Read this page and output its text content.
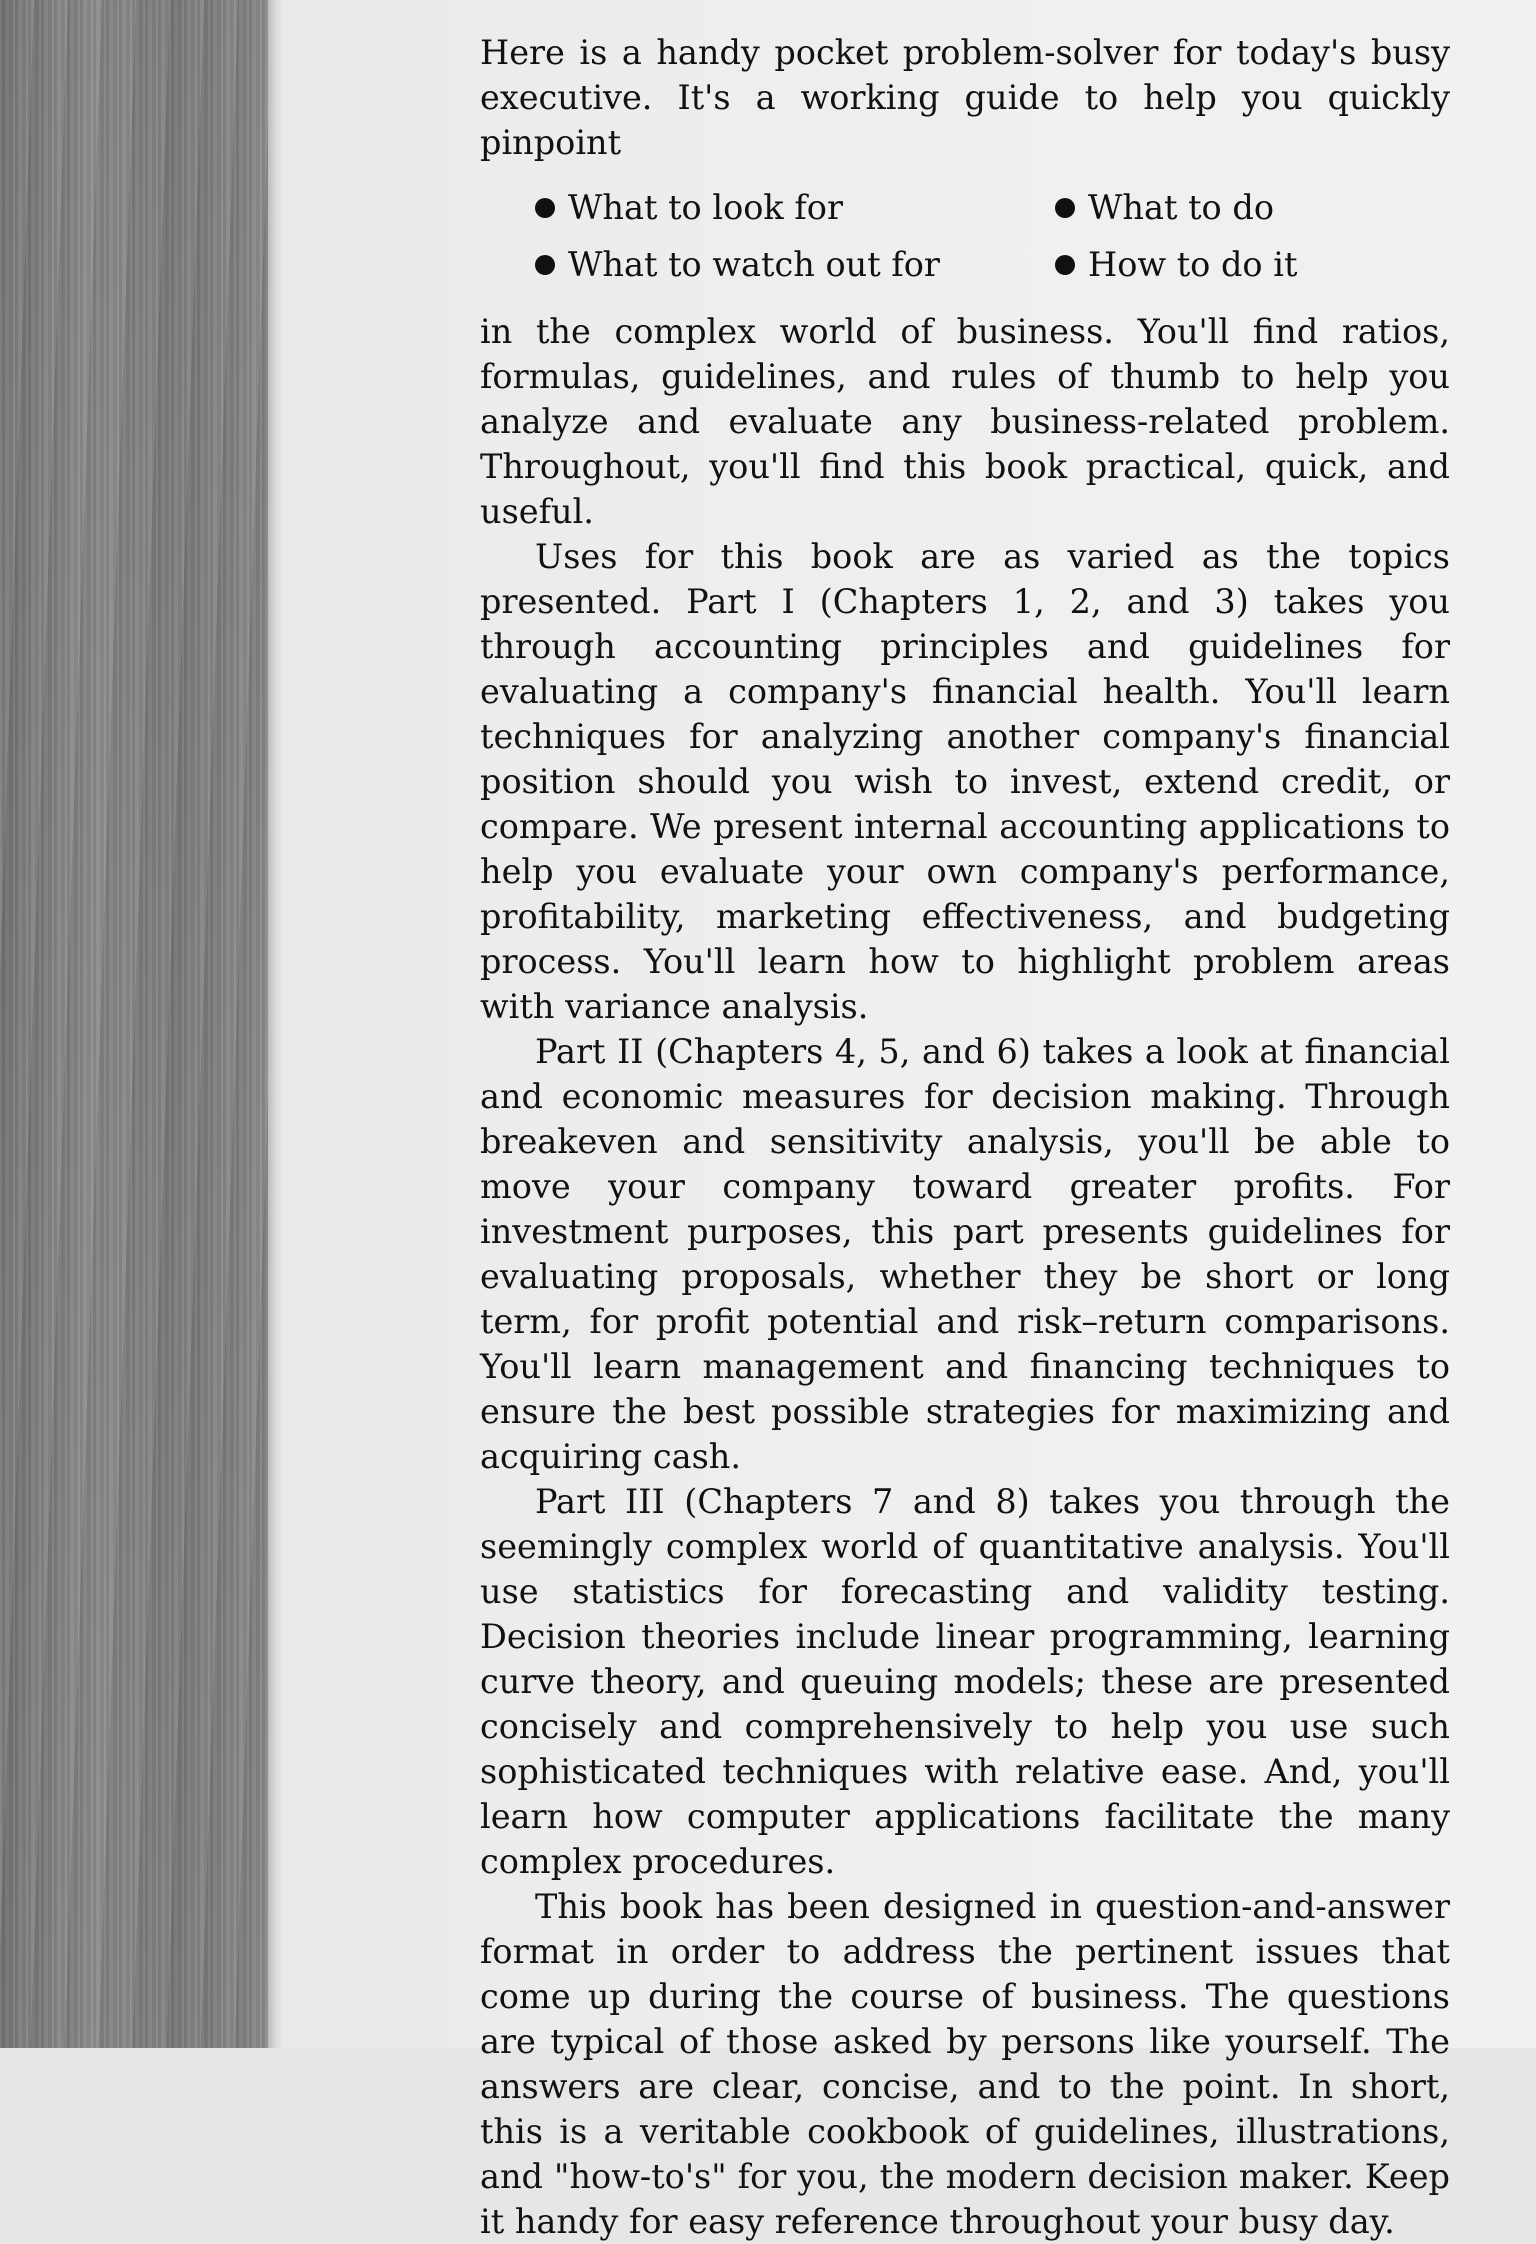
Here is a handy pocket problem-solver for today's busy executive. It's a working guide to help you quickly pinpoint

What to look for	What to do
What to watch out for	How to do it

in the complex world of business. You'll find ratios, formulas, guidelines, and rules of thumb to help you analyze and evaluate any business-related problem. Throughout, you'll find this book practical, quick, and useful.

Uses for this book are as varied as the topics presented. Part I (Chapters 1, 2, and 3) takes you through accounting principles and guidelines for evaluating a company's financial health. You'll learn techniques for analyzing another company's financial position should you wish to invest, extend credit, or compare. We present internal accounting applications to help you evaluate your own company's performance, profitability, marketing effectiveness, and budgeting process. You'll learn how to highlight problem areas with variance analysis.

Part II (Chapters 4, 5, and 6) takes a look at financial and economic measures for decision making. Through breakeven and sensitivity analysis, you'll be able to move your company toward greater profits. For investment purposes, this part presents guidelines for evaluating proposals, whether they be short or long term, for profit potential and risk–return comparisons. You'll learn management and financing techniques to ensure the best possible strategies for maximizing and acquiring cash.

Part III (Chapters 7 and 8) takes you through the seemingly complex world of quantitative analysis. You'll use statistics for forecasting and validity testing. Decision theories include linear programming, learning curve theory, and queuing models; these are presented concisely and comprehensively to help you use such sophisticated techniques with relative ease. And, you'll learn how computer applications facilitate the many complex procedures.

This book has been designed in question-and-answer format in order to address the pertinent issues that come up during the course of business. The questions are typical of those asked by persons like yourself. The answers are clear, concise, and to the point. In short, this is a veritable cookbook of guidelines, illustrations, and "how-to's" for you, the modern decision maker. Keep it handy for easy reference throughout your busy day.
